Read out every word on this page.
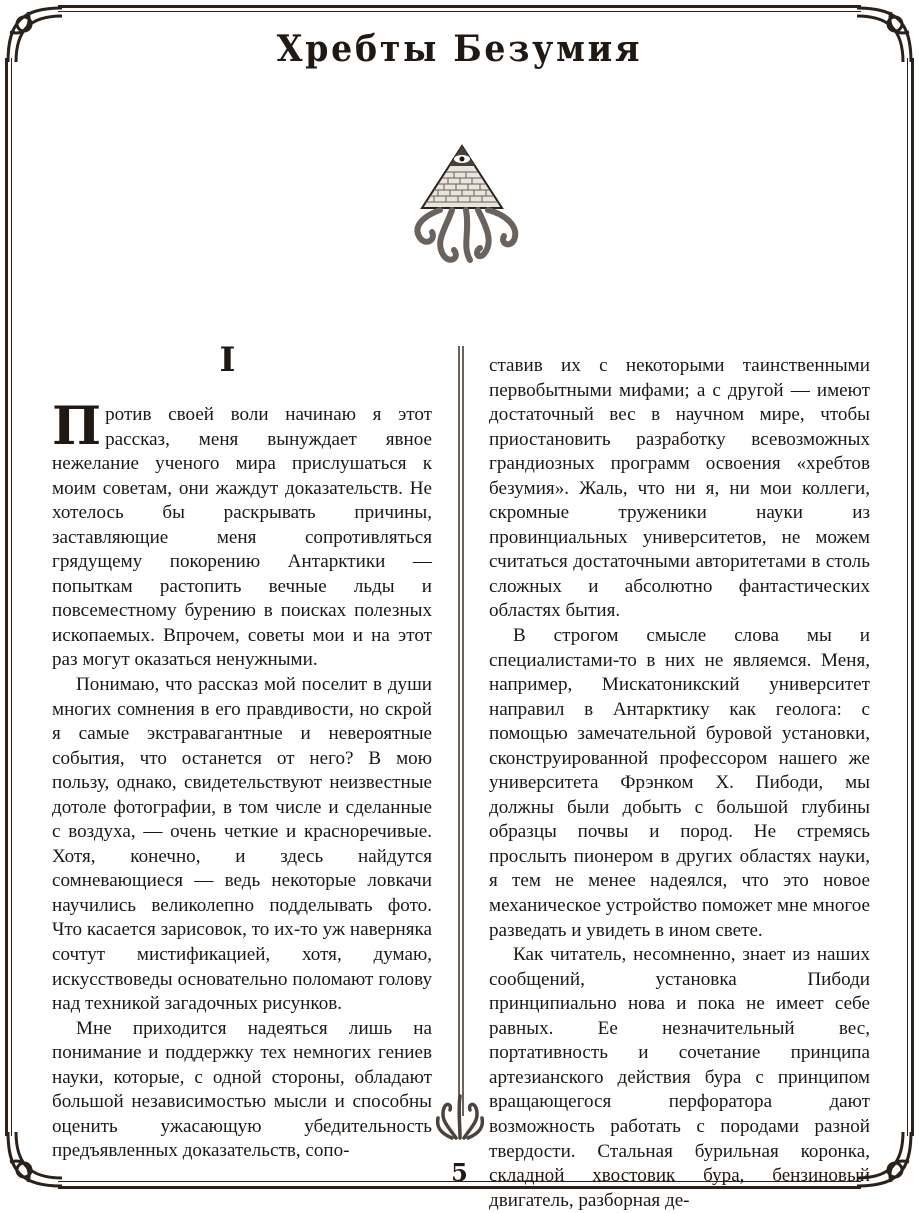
Хребты Безумия
I

Против своей воли начинаю я этот рассказ, меня вынуждает явное нежелание ученого мира прислушаться к моим советам, они жаждут доказательств. Не хотелось бы раскрывать причины, заставляющие меня сопротивляться грядущему покорению Антарктики — попыткам растопить вечные льды и повсеместному бурению в поисках полезных ископаемых. Впрочем, советы мои и на этот раз могут оказаться ненужными.

Понимаю, что рассказ мой поселит в души многих сомнения в его правдивости, но скрой я самые экстравагантные и невероятные события, что останется от него? В мою пользу, однако, свидетельствуют неизвестные дотоле фотографии, в том числе и сделанные с воздуха, — очень четкие и красноречивые. Хотя, конечно, и здесь найдутся сомневающиеся — ведь некоторые ловкачи научились великолепно подделывать фото. Что касается зарисовок, то их-то уж наверняка сочтут мистификацией, хотя, думаю, искусствоведы основательно поломают голову над техникой загадочных рисунков.

Мне приходится надеяться лишь на понимание и поддержку тех немногих гениев науки, которые, с одной стороны, обладают большой независимостью мысли и способны оценить ужасающую убедительность предъявленных доказательств, сопо-

ставив их с некоторыми таинственными первобытными мифами; а с другой — имеют достаточный вес в научном мире, чтобы приостановить разработку всевозможных грандиозных программ освоения «хребтов безумия». Жаль, что ни я, ни мои коллеги, скромные труженики науки из провинциальных университетов, не можем считаться достаточными авторитетами в столь сложных и абсолютно фантастических областях бытия.

В строгом смысле слова мы и специалистами-то в них не являемся. Меня, например, Мискатоникский университет направил в Антарктику как геолога: с помощью замечательной буровой установки, сконструированной профессором нашего же университета Фрэнком Х. Пибоди, мы должны были добыть с большой глубины образцы почвы и пород. Не стремясь прослыть пионером в других областях науки, я тем не менее надеялся, что это новое механическое устройство поможет мне многое разведать и увидеть в ином свете.

Как читатель, несомненно, знает из наших сообщений, установка Пибоди принципиально нова и пока не имеет себе равных. Ее незначительный вес, портативность и сочетание принципа артезианского действия бура с принципом вращающегося перфоратора дают возможность работать с породами разной твердости. Стальная бурильная коронка, складной хвостовик бура, бензиновый двигатель, разборная де-

5
